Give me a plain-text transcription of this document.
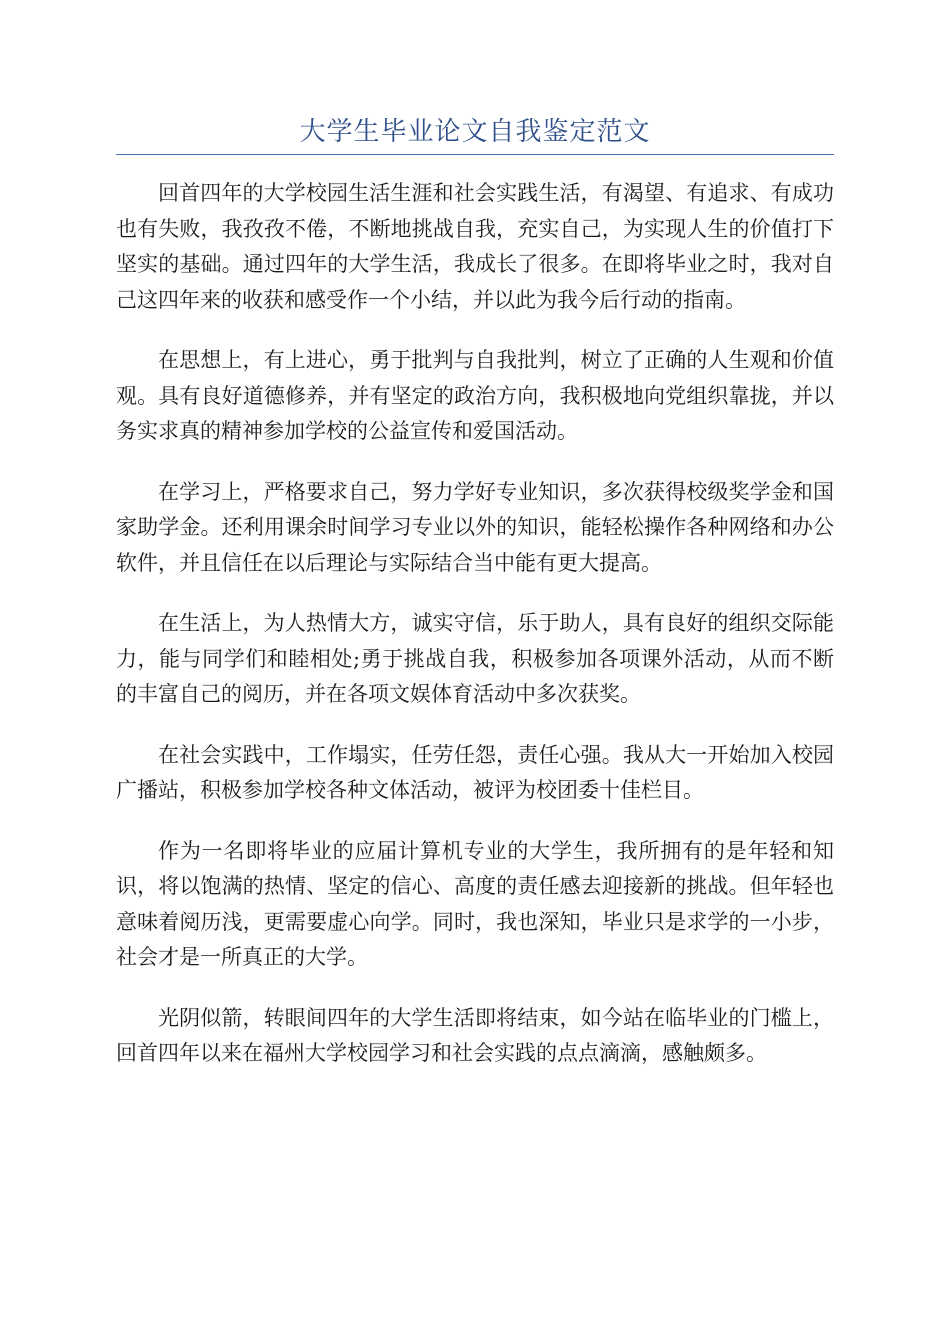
大学生毕业论文自我鉴定范文

回首四年的大学校园生活生涯和社会实践生活，有渴望、有追求、有成功也有失败，我孜孜不倦，不断地挑战自我，充实自己，为实现人生的价值打下坚实的基础。通过四年的大学生活，我成长了很多。在即将毕业之时，我对自己这四年来的收获和感受作一个小结，并以此为我今后行动的指南。

在思想上，有上进心，勇于批判与自我批判，树立了正确的人生观和价值观。具有良好道德修养，并有坚定的政治方向，我积极地向党组织靠拢，并以务实求真的精神参加学校的公益宣传和爱国活动。

在学习上，严格要求自己，努力学好专业知识，多次获得校级奖学金和国家助学金。还利用课余时间学习专业以外的知识，能轻松操作各种网络和办公软件，并且信任在以后理论与实际结合当中能有更大提高。

在生活上，为人热情大方，诚实守信，乐于助人，具有良好的组织交际能力，能与同学们和睦相处;勇于挑战自我，积极参加各项课外活动，从而不断的丰富自己的阅历，并在各项文娱体育活动中多次获奖。

在社会实践中，工作塌实，任劳任怨，责任心强。我从大一开始加入校园广播站，积极参加学校各种文体活动，被评为校团委十佳栏目。

作为一名即将毕业的应届计算机专业的大学生，我所拥有的是年轻和知识，将以饱满的热情、坚定的信心、高度的责任感去迎接新的挑战。但年轻也意味着阅历浅，更需要虚心向学。同时，我也深知，毕业只是求学的一小步，社会才是一所真正的大学。

光阴似箭，转眼间四年的大学生活即将结束，如今站在临毕业的门槛上，回首四年以来在福州大学校园学习和社会实践的点点滴滴，感触颇多。
